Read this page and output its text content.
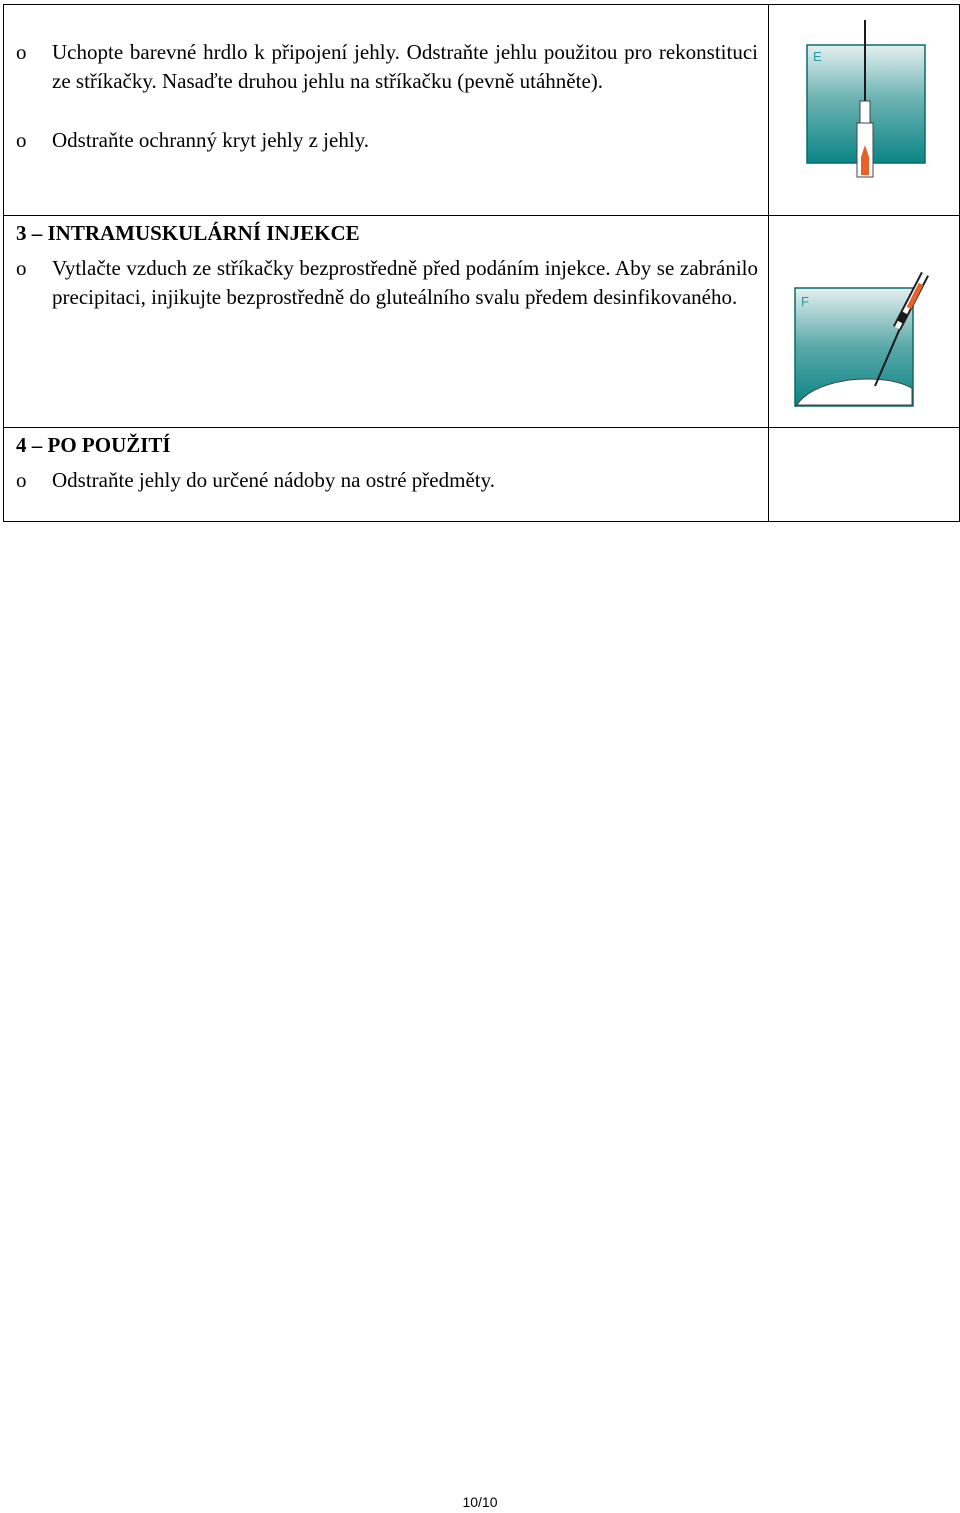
o Uchopte barevné hrdlo k připojení jehly. Odstraňte jehlu použitou pro rekonstituci ze stříkačky. Nasaďte druhou jehlu na stříkačku (pevně utáhněte).
o Odstraňte ochranný kryt jehly z jehly.	E

3 – INTRAMUSKULÁRNÍ INJEKCE
o Vytlačte vzduch ze stříkačky bezprostředně před podáním injekce. Aby se zabránilo precipitaci, injikujte bezprostředně do gluteálního svalu předem desinfikovaného.	F

4 – PO POUŽITÍ
o Odstraňte jehly do určené nádoby na ostré předměty.	

10/10
